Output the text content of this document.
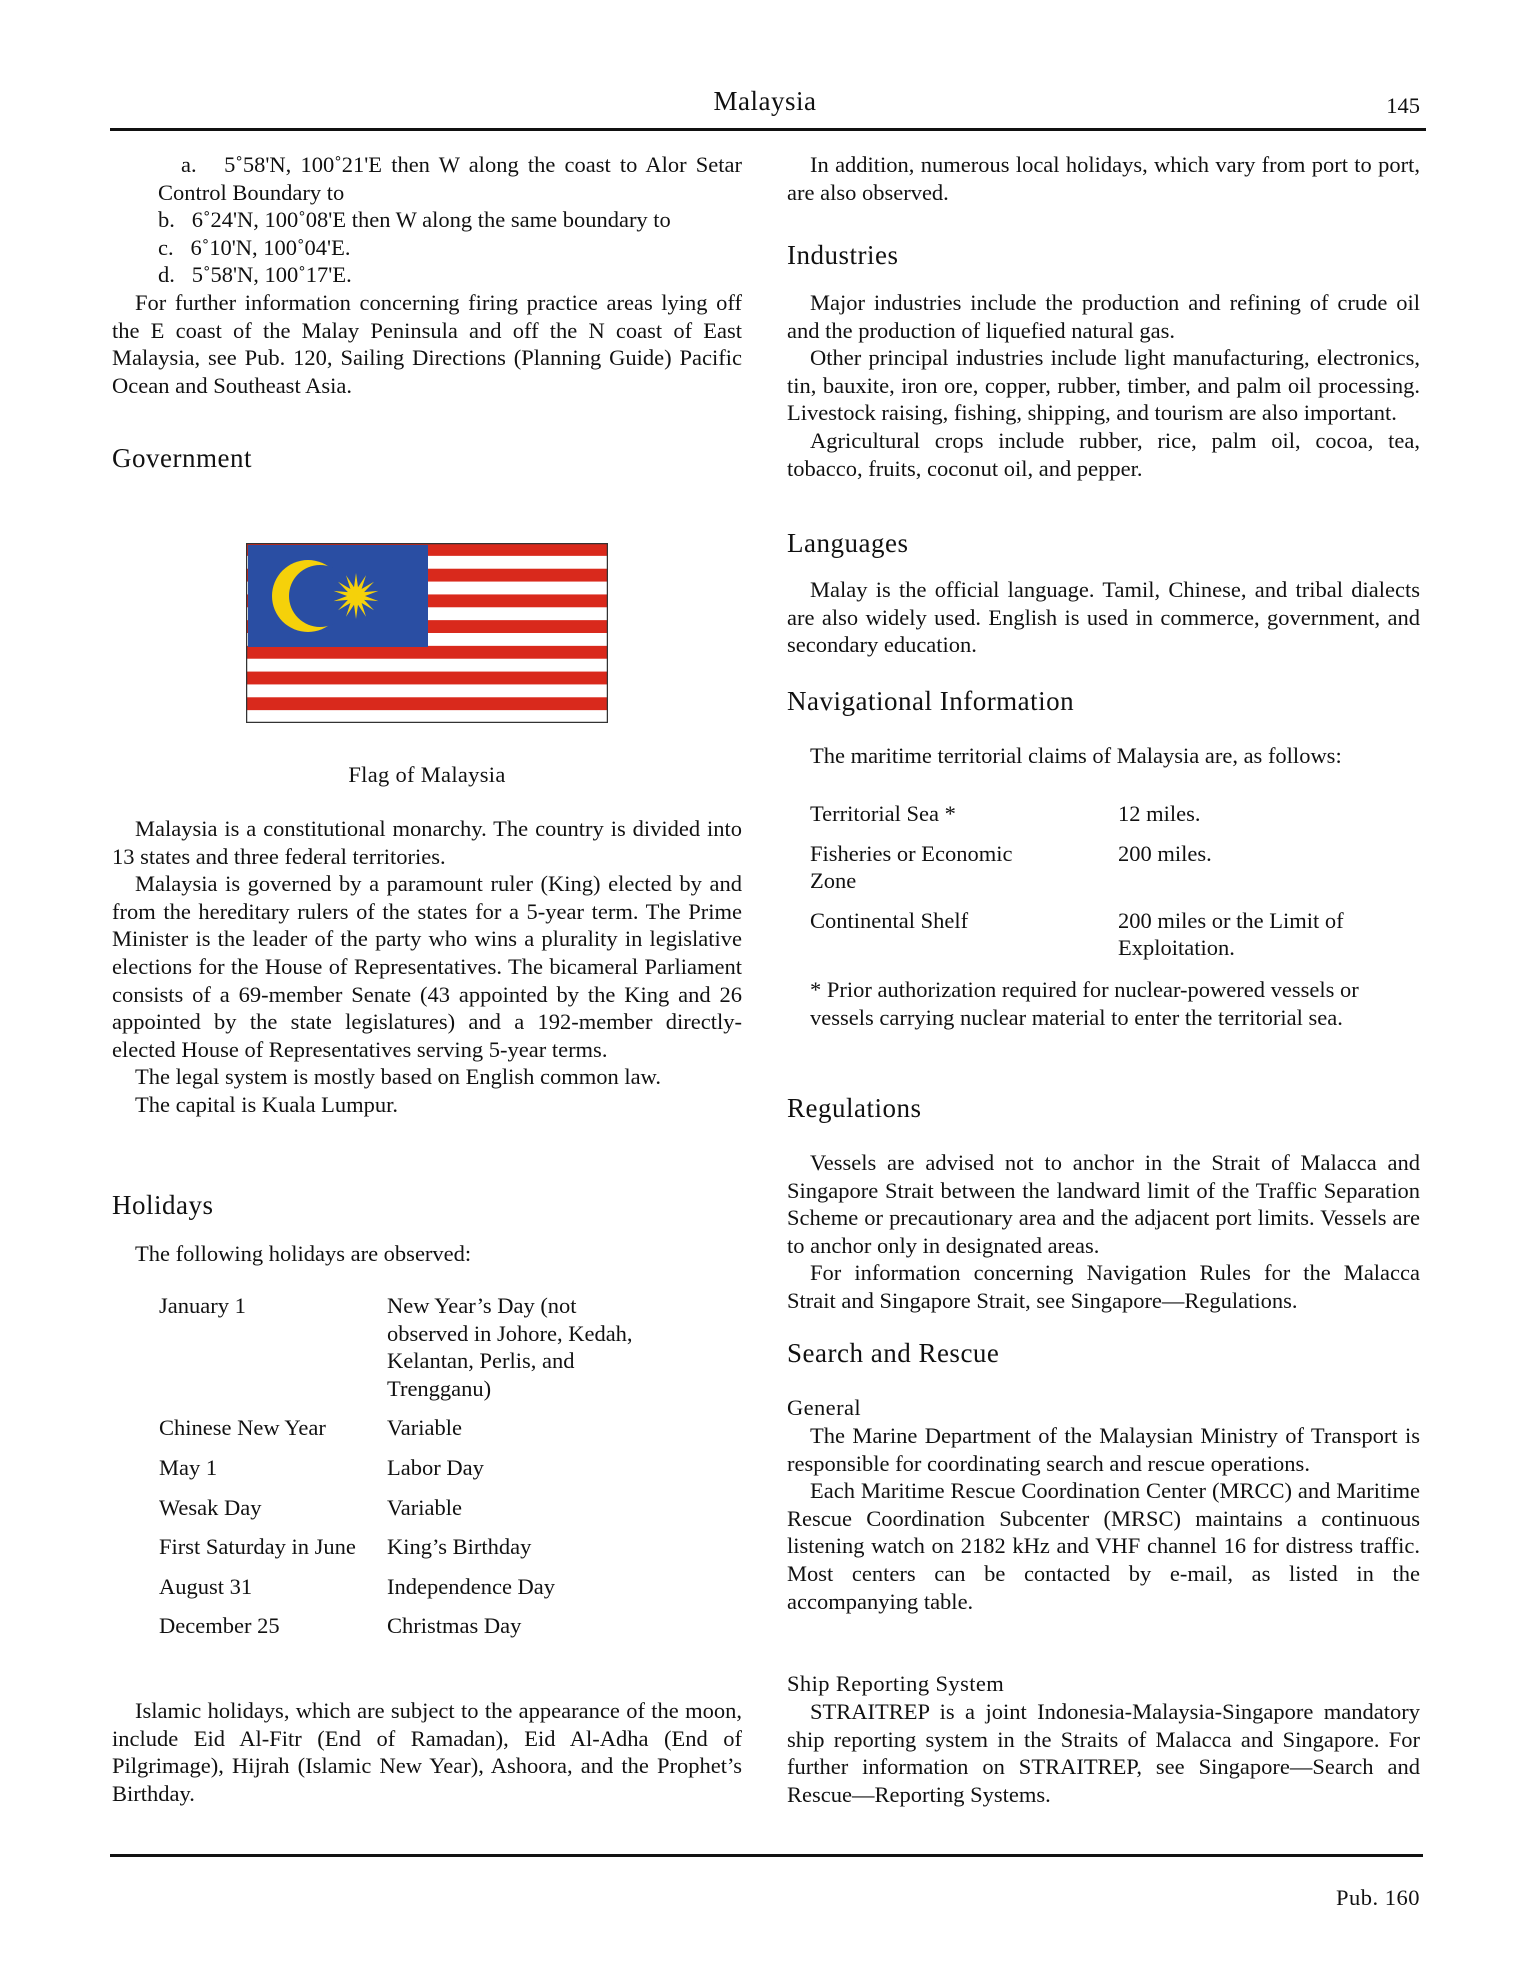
Malaysia	145

a. 5˚58'N, 100˚21'E then W along the coast to Alor Setar Control Boundary to

b. 6˚24'N, 100˚08'E then W along the same boundary to

c. 6˚10'N, 100˚04'E.

d. 5˚58'N, 100˚17'E.

For further information concerning firing practice areas lying off the E coast of the Malay Peninsula and off the N coast of East Malaysia, see Pub. 120, Sailing Directions (Planning Guide) Pacific Ocean and Southeast Asia.

Government
Flag of Malaysia

Malaysia is a constitutional monarchy. The country is divided into 13 states and three federal territories.

Malaysia is governed by a paramount ruler (King) elected by and from the hereditary rulers of the states for a 5-year term. The Prime Minister is the leader of the party who wins a plurality in legislative elections for the House of Representatives. The bicameral Parliament consists of a 69-member Senate (43 appointed by the King and 26 appointed by the state legislatures) and a 192-member directly-elected House of Representatives serving 5-year terms.

The legal system is mostly based on English common law.

The capital is Kuala Lumpur.

Holidays
The following holidays are observed:
January 1	New Year’s Day (not observed in Johore, Kedah, Kelantan, Perlis, and Trengganu)
Chinese New Year	Variable
May 1	Labor Day
Wesak Day	Variable
First Saturday in June	King’s Birthday
August 31	Independence Day
December 25	Christmas Day

Islamic holidays, which are subject to the appearance of the moon, include Eid Al-Fitr (End of Ramadan), Eid Al-Adha (End of Pilgrimage), Hijrah (Islamic New Year), Ashoora, and the Prophet’s Birthday.

In addition, numerous local holidays, which vary from port to port, are also observed.

Industries

Major industries include the production and refining of crude oil and the production of liquefied natural gas.

Other principal industries include light manufacturing, electronics, tin, bauxite, iron ore, copper, rubber, timber, and palm oil processing. Livestock raising, fishing, shipping, and tourism are also important.

Agricultural crops include rubber, rice, palm oil, cocoa, tea, tobacco, fruits, coconut oil, and pepper.

Languages

Malay is the official language. Tamil, Chinese, and tribal dialects are also widely used. English is used in commerce, government, and secondary education.

Navigational Information
The maritime territorial claims of Malaysia are, as follows:
Territorial Sea *	12 miles.
Fisheries or Economic Zone	200 miles.
Continental Shelf	200 miles or the Limit of Exploitation.
* Prior authorization required for nuclear-powered vessels or vessels carrying nuclear material to enter the territorial sea.
Regulations

Vessels are advised not to anchor in the Strait of Malacca and Singapore Strait between the landward limit of the Traffic Separation Scheme or precautionary area and the adjacent port limits. Vessels are to anchor only in designated areas.

For information concerning Navigation Rules for the Malacca Strait and Singapore Strait, see Singapore—Regulations.

Search and Rescue
General

The Marine Department of the Malaysian Ministry of Transport is responsible for coordinating search and rescue operations.

Each Maritime Rescue Coordination Center (MRCC) and Maritime Rescue Coordination Subcenter (MRSC) maintains a continuous listening watch on 2182 kHz and VHF channel 16 for distress traffic. Most centers can be contacted by e-mail, as listed in the accompanying table.

Ship Reporting System

STRAITREP is a joint Indonesia-Malaysia-Singapore mandatory ship reporting system in the Straits of Malacca and Singapore. For further information on STRAITREP, see Singapore—Search and Rescue—Reporting Systems.

Pub. 160
